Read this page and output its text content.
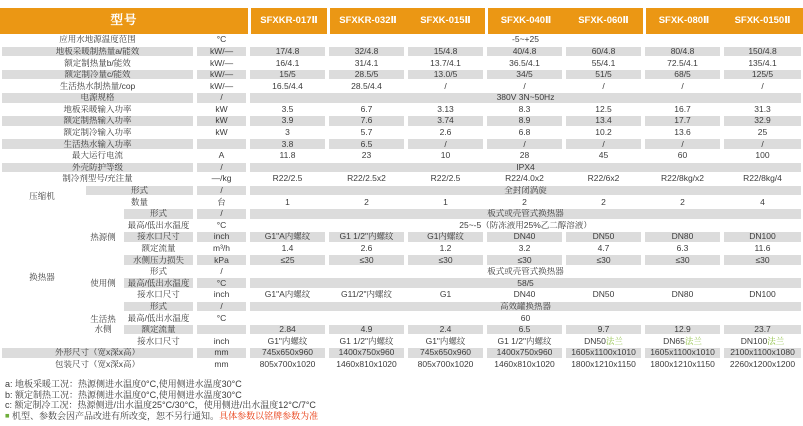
型号				SFXKR-017Ⅱ	SFXKR-032Ⅱ	SFXK-015Ⅱ	SFXK-040Ⅱ	SFXK-060Ⅱ	SFXK-080Ⅱ	SFXK-0150Ⅱ
应用水地源温度范围			°C	-5~+25						
地板采暖制热量a/能效			kW/—	17/4.8	32/4.8	15/4.8	40/4.8	60/4.8	80/4.8	150/4.8
额定制热量b/能效			kW/—	16/4.1	31/4.1	13.7/4.1	36.5/4.1	55/4.1	72.5/4.1	135/4.1
额定制冷量c/能效			kW/—	15/5	28.5/5	13.0/5	34/5	51/5	68/5	125/5
生活热水制热量/cop			kW/—	16.5/4.4	28.5/4.4	/	/	/	/	/
电源规格			/	380V 3N~50Hz						
地板采暖输入功率			kW	3.5	6.7	3.13	8.3	12.5	16.7	31.3
额定制热输入功率			kW	3.9	7.6	3.74	8.9	13.4	17.7	32.9
额定制冷输入功率			kW	3	5.7	2.6	6.8	10.2	13.6	25
生活热水输入功率				3.8	6.5	/	/	/	/	/
最大运行电流			A	11.8	23	10	28	45	60	100
外壳防护等级			/	IPX4						
制冷剂型号/充注量			—/kg	R22/2.5	R22/2.5x2	R22/2.5	R22/4.0x2	R22/6x2	R22/8kg/x2	R22/8kg/4
压缩机	形式		/	全封闭涡旋						
	数量		台	1	2	1	2	2	2	4
换热器	热源侧	形式	/	板式或壳管式换热器						
		最高/低出水温度	°C	25~-5（防冻液用25%乙二醇溶液）						
		接水口尺寸	inch	G1"A内螺纹	G1 1/2"内螺纹	G1内螺纹	DN40	DN50	DN80	DN100
		额定流量	m³/h	1.4	2.6	1.2	3.2	4.7	6.3	11.6
		水侧压力损失	kPa	≤25	≤30	≤30	≤30	≤30	≤30	≤30
	使用侧	形式	/	板式或壳管式换热器						
		最高/低出水温度	°C	58/5						
		接水口尺寸	inch	G1"A内螺纹	G11/2"内螺纹	G1	DN40	DN50	DN80	DN100
	生活热水侧	形式	/	高效罐换热器						
		最高/低出水温度	°C	60						
		额定流量		2.84	4.9	2.4	6.5	9.7	12.9	23.7
		接水口尺寸	inch	G1"内螺纹	G1 1/2"内螺纹	G1"内螺纹	G1 1/2"内螺纹	DN50法兰	DN65法兰	DN100法兰
外形尺寸（宽x深x高）			mm	745x650x960	1400x750x960	745x650x960	1400x750x960	1605x1100x1010	1605x1100x1010	2100x1100x1080
包装尺寸（宽x深x高）			mm	805x700x1020	1460x810x1020	805x700x1020	1460x810x1020	1800x1210x1150	1800x1210x1150	2260x1200x1200
a: 地板采暖工况：热源侧进水温度0°C,使用侧进水温度30°C
b: 额定制热工况：热源侧进水温度0°C,使用侧进水温度30°C
c: 额定制冷工况：热源侧进/出水温度25°C/30°C，使用侧进/出水温度12°C/7°C
■ 机型、参数会因产品改进有所改变，恕不另行通知。具体参数以铭牌参数为准
